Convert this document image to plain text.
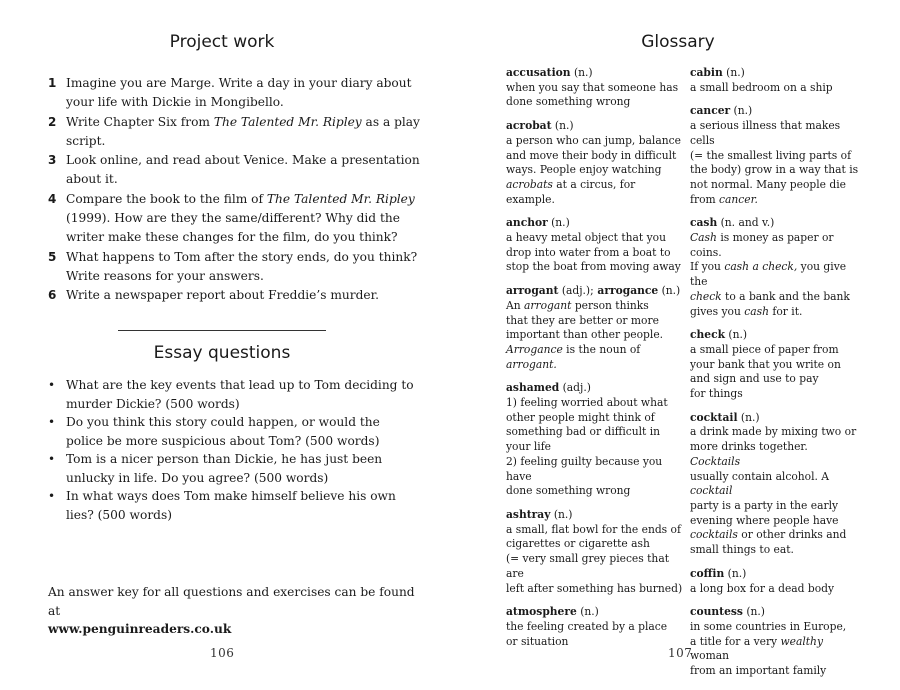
Project work
1 Imagine you are Marge. Write a day in your diary about your life with Dickie in Mongibello.
2 Write Chapter Six from The Talented Mr. Ripley as a play script.
3 Look online, and read about Venice. Make a presentation about it.
4 Compare the book to the film of The Talented Mr. Ripley (1999). How are they the same/different? Why did the writer make these changes for the film, do you think?
5 What happens to Tom after the story ends, do you think? Write reasons for your answers.
6 Write a newspaper report about Freddie’s murder.
Essay questions
• What are the key events that lead up to Tom deciding to murder Dickie? (500 words)
• Do you think this story could happen, or would the police be more suspicious about Tom? (500 words)
• Tom is a nicer person than Dickie, he has just been unlucky in life. Do you agree? (500 words)
• In what ways does Tom make himself believe his own lies? (500 words)
An answer key for all questions and exercises can be found at
www.penguinreaders.co.uk
106
Glossary
accusation (n.)
when you say that someone has
done something wrong
acrobat (n.)
a person who can jump, balance
and move their body in difficult
ways. People enjoy watching
acrobats at a circus, for example.
anchor (n.)
a heavy metal object that you
drop into water from a boat to
stop the boat from moving away
arrogant (adj.); arrogance (n.)
An arrogant person thinks
that they are better or more
important than other people.
Arrogance is the noun of arrogant.
ashamed (adj.)
1) feeling worried about what
other people might think of
something bad or difficult in
your life
2) feeling guilty because you have
done something wrong
ashtray (n.)
a small, flat bowl for the ends of
cigarettes or cigarette ash
(= very small grey pieces that are
left after something has burned)
atmosphere (n.)
the feeling created by a place
or situation
cabin (n.)
a small bedroom on a ship
cancer (n.)
a serious illness that makes cells
(= the smallest living parts of
the body) grow in a way that is
not normal. Many people die
from cancer.
cash (n. and v.)
Cash is money as paper or coins.
If you cash a check, you give the
check to a bank and the bank
gives you cash for it.
check (n.)
a small piece of paper from
your bank that you write on
and sign and use to pay
for things
cocktail (n.)
a drink made by mixing two or
more drinks together. Cocktails
usually contain alcohol. A cocktail
party is a party in the early
evening where people have
cocktails or other drinks and
small things to eat.
coffin (n.)
a long box for a dead body
countess (n.)
in some countries in Europe,
a title for a very wealthy woman
from an important family
107
